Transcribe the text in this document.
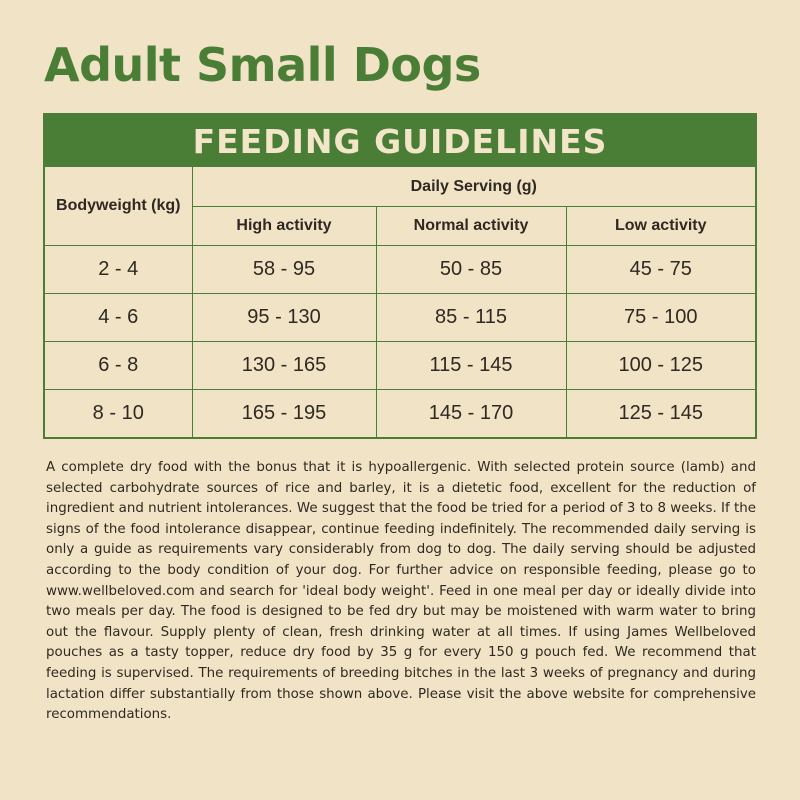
Adult Small Dogs
FEEDING GUIDELINES
Bodyweight (kg)	Daily Serving (g)		
	High activity	Normal activity	Low activity
2 - 4	58 - 95	50 - 85	45 - 75
4 - 6	95 - 130	85 - 115	75 - 100
6 - 8	130 - 165	115 - 145	100 - 125
8 - 10	165 - 195	145 - 170	125 - 145

A complete dry food with the bonus that it is hypoallergenic. With selected protein source (lamb) and selected carbohydrate sources of rice and barley, it is a dietetic food, excellent for the reduction of ingredient and nutrient intolerances. We suggest that the food be tried for a period of 3 to 8 weeks. If the signs of the food intolerance disappear, continue feeding indefinitely. The recommended daily serving is only a guide as requirements vary considerably from dog to dog. The daily serving should be adjusted according to the body condition of your dog. For further advice on responsible feeding, please go to www.wellbeloved.com and search for 'ideal body weight'. Feed in one meal per day or ideally divide into two meals per day. The food is designed to be fed dry but may be moistened with warm water to bring out the flavour. Supply plenty of clean, fresh drinking water at all times. If using James Wellbeloved pouches as a tasty topper, reduce dry food by 35 g for every 150 g pouch fed. We recommend that feeding is supervised. The requirements of breeding bitches in the last 3 weeks of pregnancy and during lactation differ substantially from those shown above. Please visit the above website for comprehensive recommendations.
